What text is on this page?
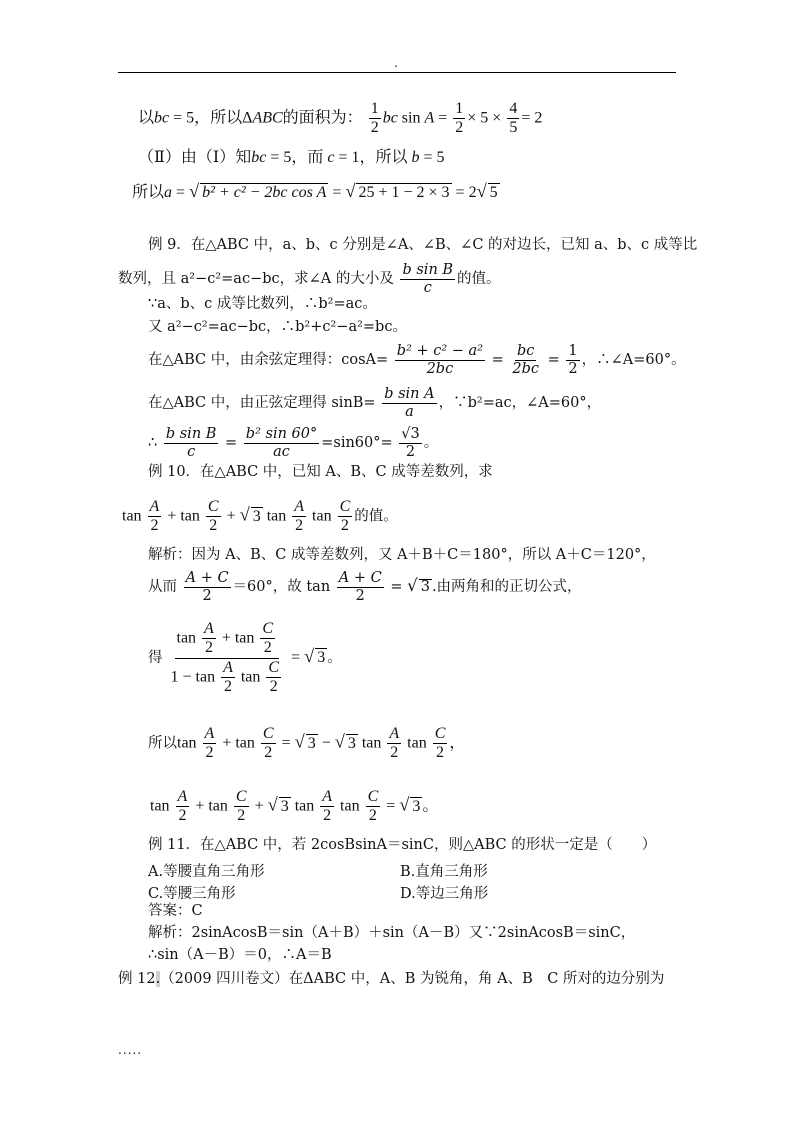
.
以bc = 5，所以ΔABC的面积为： $\frac{1}{2}$ bc $\sin A = \frac{1}{2} \times 5 \times \frac{4}{5} = 2$
（Ⅱ）由（Ⅰ）知bc = 5，而 c = 1，所以 b = 5
所以a = √ b² + c² − 2bc cos A = √ 25 + 1 − 2 × 3 = 2√ 5
例 9．在△ABC 中，a、b、c 分别是∠A、∠B、∠C 的对边长，已知 a、b、c 成等比
数列，且 a²−c²=ac−bc，求∠A 的大小及 $\frac{\text{b sin B}}{c}$ 的值。
∵a、b、c 成等比数列，∴b²=ac。
又 a²−c²=ac−bc，∴b²+c²−a²=bc。
在△ABC 中，由余弦定理得：$\cos A= \frac{\text{b² + c² − a²}}{2bc} = \frac{bc}{2bc} = \frac{1}{2}$ ，∴∠A=60°。
在△ABC 中，由正弦定理得 $\sin B= \frac{\text{b sin A}}{a}$ ，∵b²=ac，∠A=60°，
∴ $\frac{\text{b sin B}}{c} = \frac{\text{b² sin 60°}}{ac} =\sin 60^\circ= \frac{√3}{2}$ 。
例 10．在△ABC 中，已知 A、B、C 成等差数列，求
$\tan \frac{A}{2} + \tan \frac{C}{2}$ + √ 3 $\tan \frac{A}{2}$ $\tan \frac{C}{2}$ 的值。
解析：因为 A、B、C 成等差数列，又 A＋B＋C＝180°，所以 A＋C＝120°，
从而 $\frac{A + C}{2} =60^\circ$，故 $\tan \frac{A + C}{2}$ = √ 3 .由两角和的正切公式，
得 $\frac{\tan \frac{A}{2} + \tan \frac{C}{2}}{1 - \tan \frac{A}{2} \tan \frac{C}{2}}$ = √ 3 。
所以$\tan \frac{A}{2} + \tan \frac{C}{2}$ = √ 3 − √ 3 $\tan \frac{A}{2}$ $\tan \frac{C}{2}$ ，
$\tan \frac{A}{2} + \tan \frac{C}{2}$ + √ 3 $\tan \frac{A}{2}$ $\tan \frac{C}{2}$ = √ 3 。
例 11．在△ABC 中，若 2cosBsinA＝sinC，则△ABC 的形状一定是（　　）
A.等腰直角三角形	B.直角三角形
C.等腰三角形	D.等边三角形
答案：C
解析：2sinAcosB＝sin（A＋B）＋sin（A－B）又∵2sinAcosB＝sinC，
∴sin（A－B）＝0，∴A＝B
例 12.（2009 四川卷文）在ΔABC 中，A、B 为锐角，角 A、B　C 所对的边分别为
.....
